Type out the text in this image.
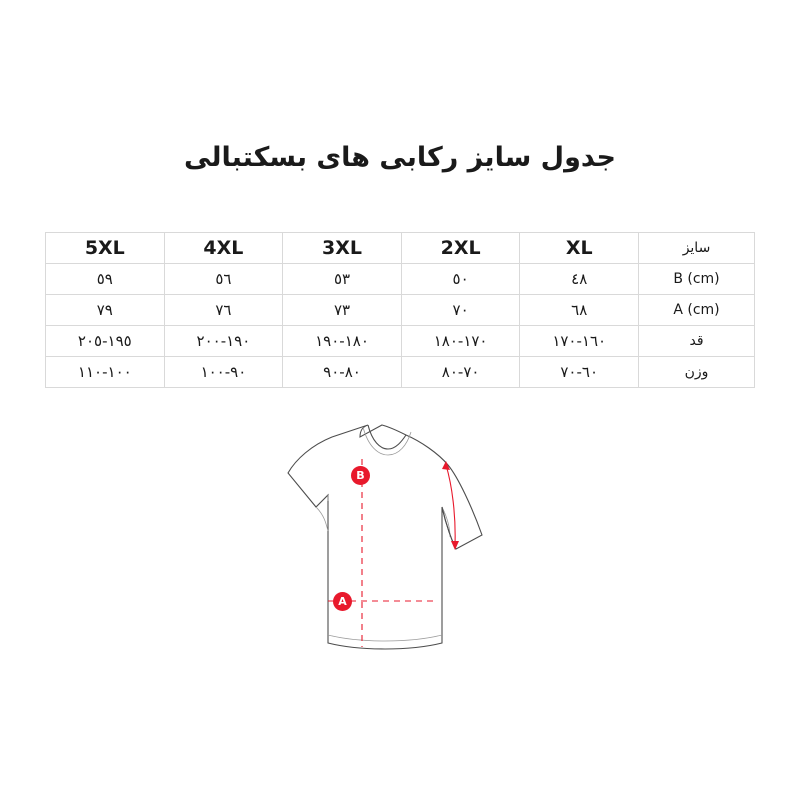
جدول سایز رکابی های بسکتبالی
سایز	XL	2XL	3XL	4XL	5XL
B (cm)	٤٨	٥٠	٥٣	٥٦	٥٩
A (cm)	٦٨	٧٠	٧٣	٧٦	٧٩
قد	١٦٠-١٧٠	١٧٠-١٨٠	١٨٠-١٩٠	١٩٠-٢٠٠	١٩٥-٢٠٥
وزن	٦٠-٧٠	٧٠-٨٠	٨٠-٩٠	٩٠-١٠٠	١٠٠-١١٠
B
A
